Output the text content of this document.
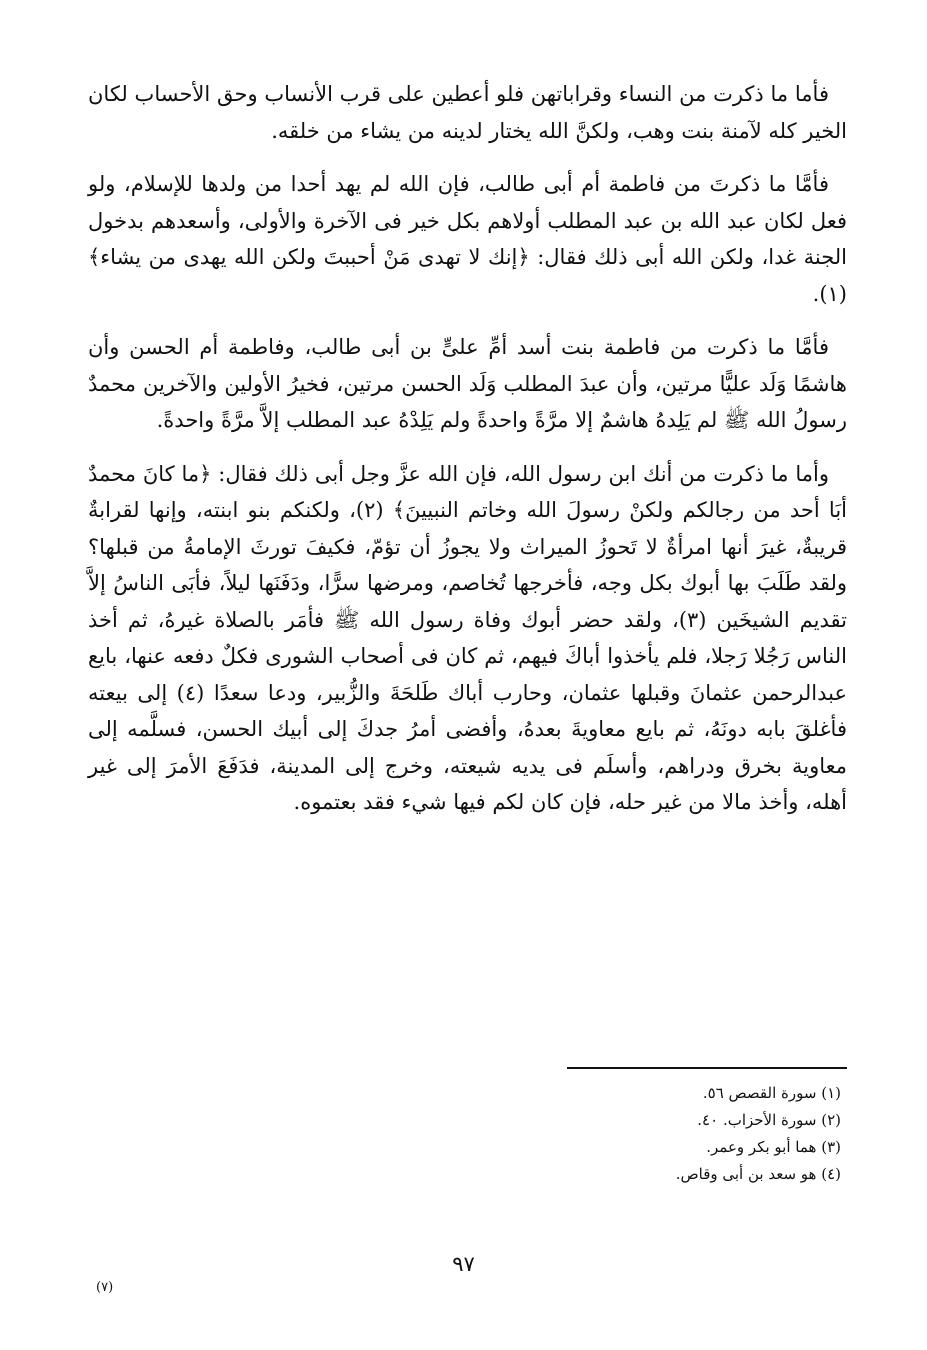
فأما ما ذكرت من النساء وقراباتهن فلو أعطين على قرب الأنساب وحق الأحساب لكان الخير كله لآمنة بنت وهب، ولكنَّ الله يختار لدينه من يشاء من خلقه.

فأمَّا ما ذكرتَ من فاطمة أم أبى طالب، فإن الله لم يهد أحدا من ولدها للإسلام، ولو فعل لكان عبد الله بن عبد المطلب أولاهم بكل خير فى الآخرة والأولى، وأسعدهم بدخول الجنة غدا، ولكن الله أبى ذلك فقال: ﴿إنك لا تهدى مَنْ أحببتَ ولكن الله يهدى من يشاء﴾ (١).

فأمَّا ما ذكرت من فاطمة بنت أسد أمِّ علىٍّ بن أبى طالب، وفاطمة أم الحسن وأن هاشمًا وَلَد عليًّا مرتين، وأن عبدَ المطلب وَلَد الحسن مرتين، فخيرُ الأولين والآخرين محمدٌ رسولُ الله ﷺ لم يَلِدهُ هاشمٌ إلا مرَّةً واحدةً ولم يَلِدْهُ عبد المطلب إلاَّ مرَّةً واحدةً.

وأما ما ذكرت من أنك ابن رسول الله، فإن الله عزَّ وجل أبى ذلك فقال: ﴿ما كانَ محمدٌ أبَا أحد من رجالكم ولكنْ رسولَ الله وخاتم النبيينَ﴾ (٢)، ولكنكم بنو ابنته، وإنها لقرابةٌ قريبةٌ، غيرَ أنها امرأةٌ لا تَحوزُ الميراث ولا يجوزُ أن تؤمّ، فكيفَ تورثَ الإمامةُ من قبلها؟ ولقد طَلَبَ بها أبوك بكل وجه، فأخرجها تُخاصم، ومرضها سرًّا، ودَفَنَها ليلاً، فأبَى الناسُ إلاَّ تقديم الشيخَين (٣)، ولقد حضر أبوك وفاة رسول الله ﷺ فأمَر بالصلاة غيرهُ، ثم أخذ الناس رَجُلا رَجلا، فلم يأخذوا أباكَ فيهم، ثم كان فى أصحاب الشورى فكلٌ دفعه عنها، بايع عبدالرحمن عثمانَ وقبلها عثمان، وحارب أباك طَلحَةَ والزُّبير، ودعا سعدًا (٤) إلى بيعته فأغلقَ بابه دونَهُ، ثم بايع معاويةَ بعدهُ، وأفضى أمرُ جدكَ إلى أبيك الحسن، فسلَّمه إلى معاوية بخرق ودراهم، وأسلَم فى يديه شيعته، وخرج إلى المدينة، فدَفَعَ الأمرَ إلى غير أهله، وأخذ مالا من غير حله، فإن كان لكم فيها شيء فقد بعتموه.

(١) سورة القصص ٥٦.
(٢) سورة الأحزاب. ٤٠.
(٣) هما أبو بكر وعمر.
(٤) هو سعد بن أبى وقاص.
٩٧
(٧)
